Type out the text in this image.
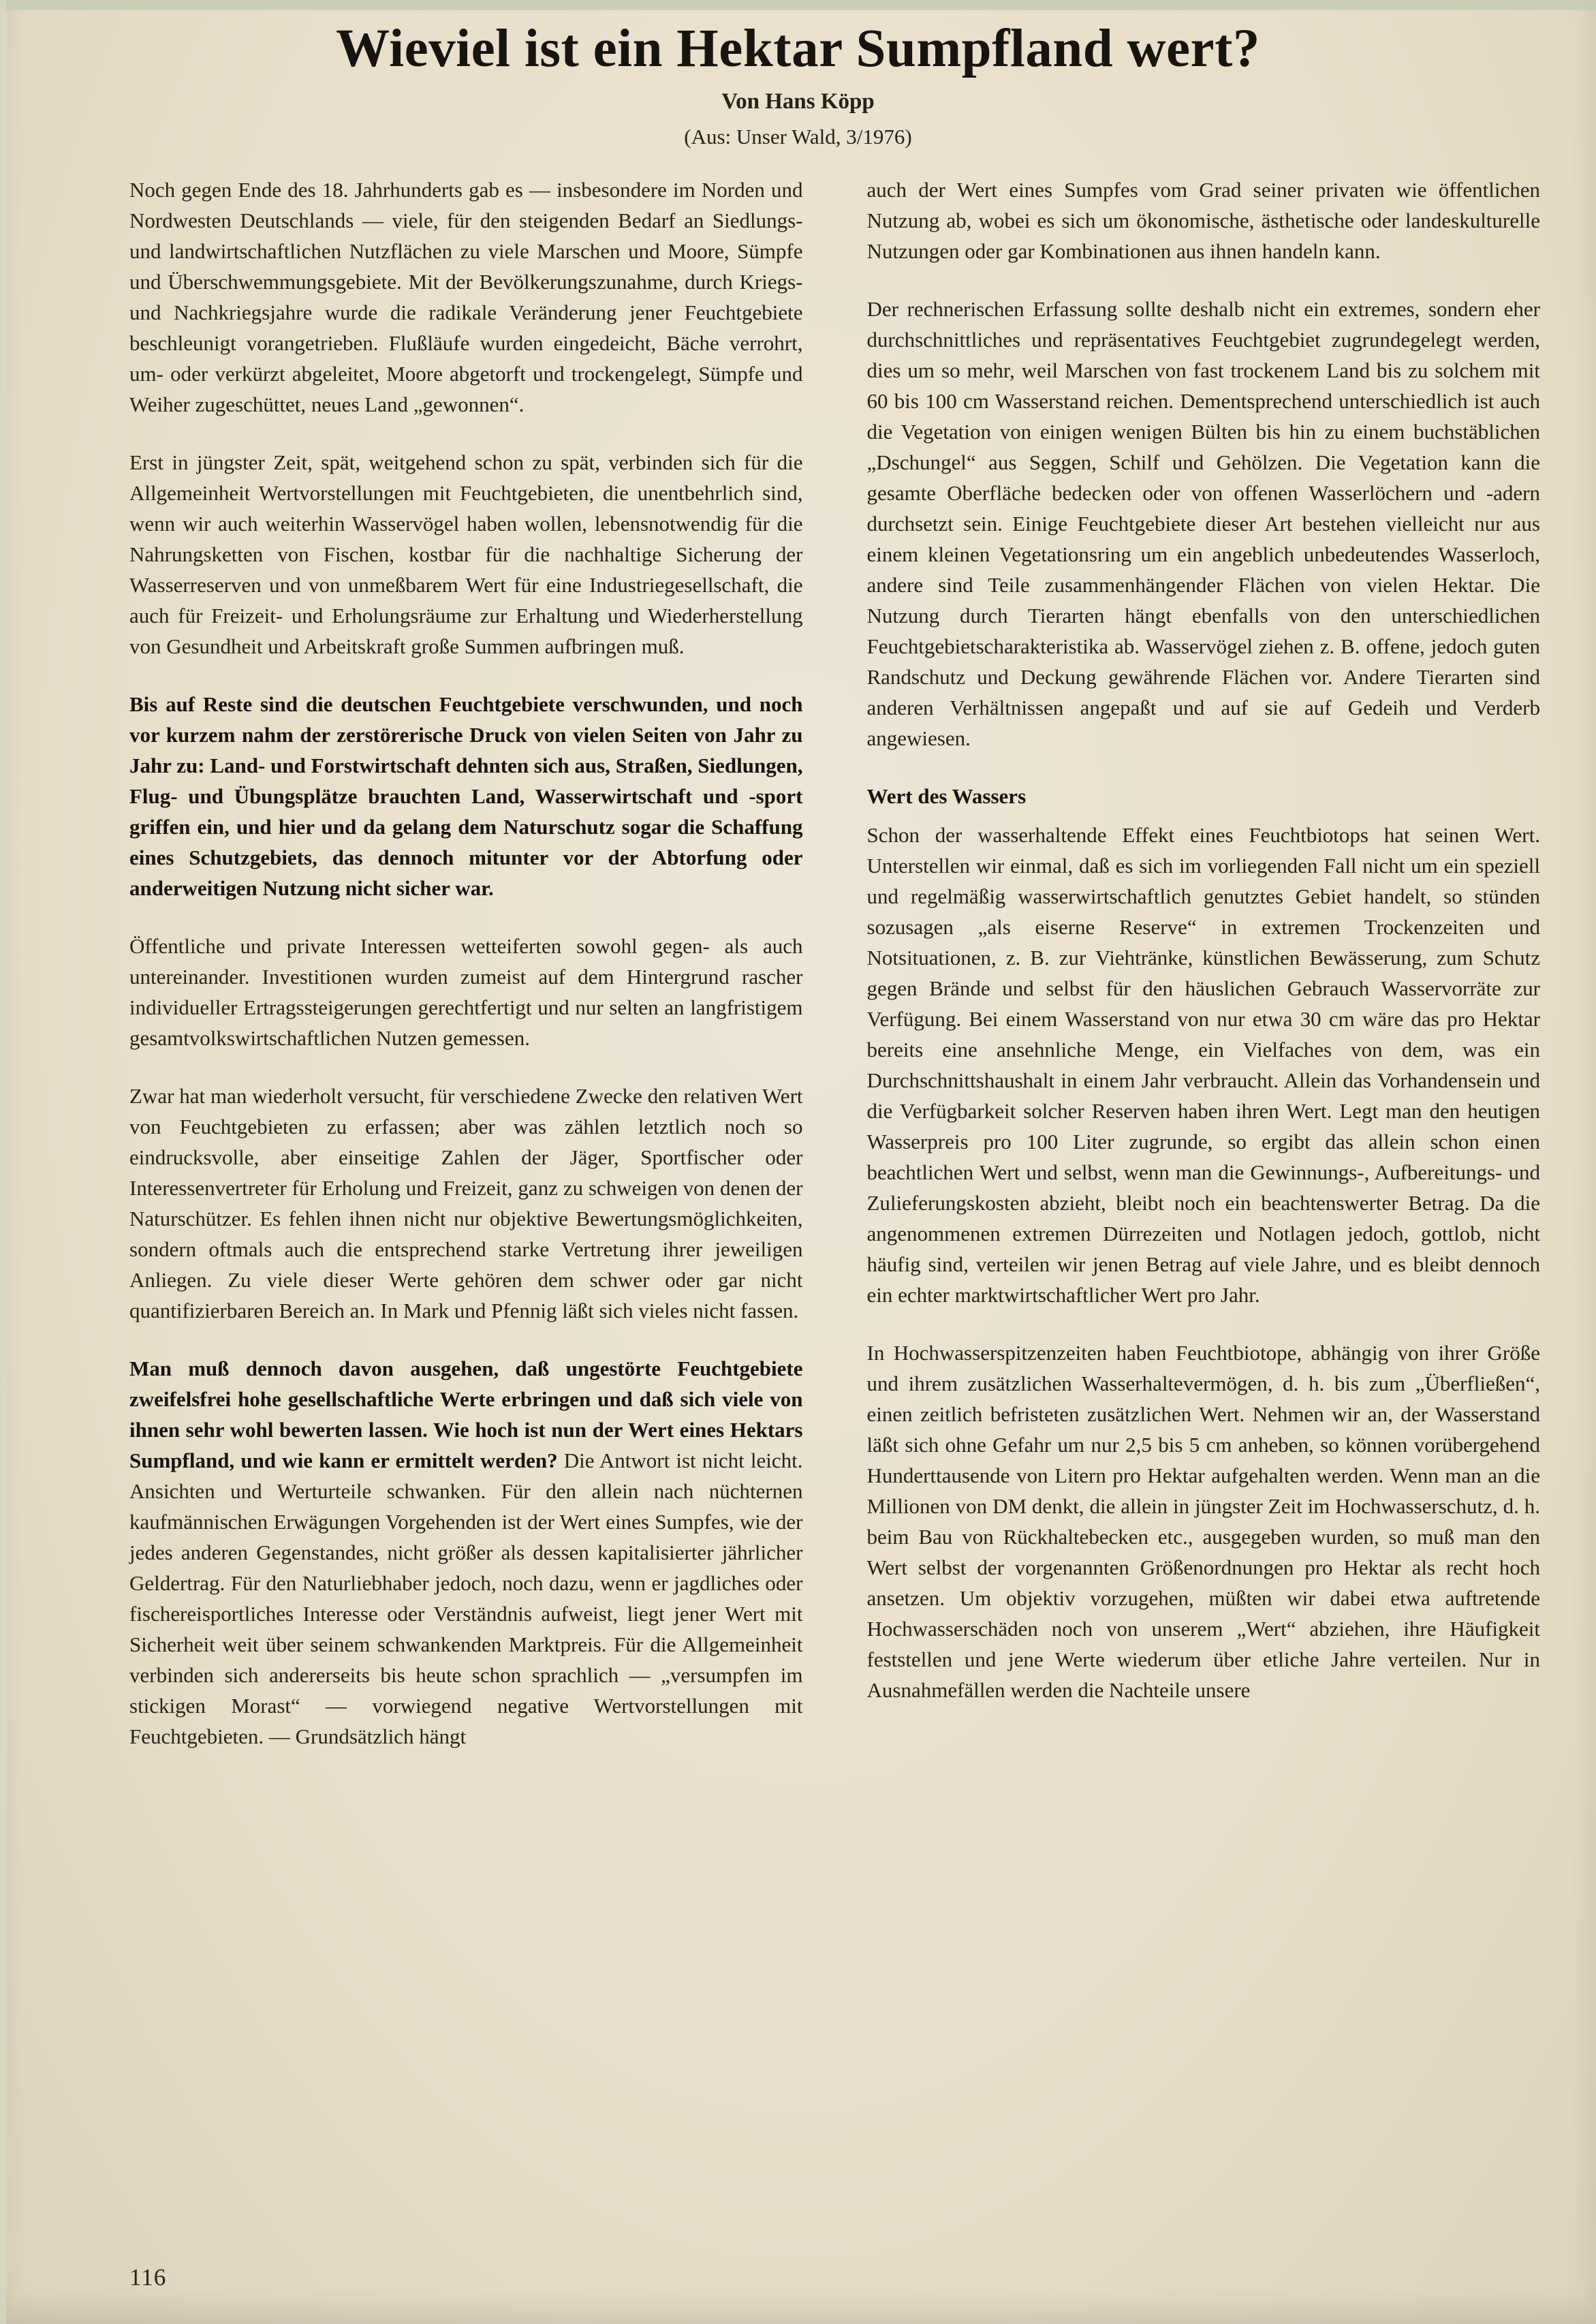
Wieviel ist ein Hektar Sumpfland wert?
Von Hans Köpp
(Aus: Unser Wald, 3/1976)

Noch gegen Ende des 18. Jahrhunderts gab es — insbesondere im Norden und Nordwesten Deutschlands — viele, für den steigenden Bedarf an Siedlungs- und landwirtschaftlichen Nutzflächen zu viele Marschen und Moore, Sümpfe und Überschwemmungsgebiete. Mit der Bevölkerungszunahme, durch Kriegs- und Nachkriegsjahre wurde die radikale Veränderung jener Feuchtgebiete beschleunigt vorangetrieben. Flußläufe wurden eingedeicht, Bäche verrohrt, um- oder verkürzt abgeleitet, Moore abgetorft und trockengelegt, Sümpfe und Weiher zugeschüttet, neues Land „gewonnen“.

Erst in jüngster Zeit, spät, weitgehend schon zu spät, verbinden sich für die Allgemeinheit Wertvorstellungen mit Feuchtgebieten, die unentbehrlich sind, wenn wir auch weiterhin Wasservögel haben wollen, lebensnotwendig für die Nahrungsketten von Fischen, kostbar für die nachhaltige Sicherung der Wasserreserven und von unmeßbarem Wert für eine Industriegesellschaft, die auch für Freizeit- und Erholungsräume zur Erhaltung und Wiederherstellung von Gesundheit und Arbeitskraft große Summen aufbringen muß.

Bis auf Reste sind die deutschen Feuchtgebiete verschwunden, und noch vor kurzem nahm der zerstörerische Druck von vielen Seiten von Jahr zu Jahr zu: Land- und Forstwirtschaft dehnten sich aus, Straßen, Siedlungen, Flug- und Übungsplätze brauchten Land, Wasserwirtschaft und -sport griffen ein, und hier und da gelang dem Naturschutz sogar die Schaffung eines Schutzgebiets, das dennoch mitunter vor der Abtorfung oder anderweitigen Nutzung nicht sicher war.

Öffentliche und private Interessen wetteiferten sowohl gegen- als auch untereinander. Investitionen wurden zumeist auf dem Hintergrund rascher individueller Ertragssteigerungen gerechtfertigt und nur selten an langfristigem gesamtvolkswirtschaftlichen Nutzen gemessen.

Zwar hat man wiederholt versucht, für verschiedene Zwecke den relativen Wert von Feuchtgebieten zu erfassen; aber was zählen letztlich noch so eindrucksvolle, aber einseitige Zahlen der Jäger, Sportfischer oder Interessenvertreter für Erholung und Freizeit, ganz zu schweigen von denen der Naturschützer. Es fehlen ihnen nicht nur objektive Bewertungsmöglichkeiten, sondern oftmals auch die entsprechend starke Vertretung ihrer jeweiligen Anliegen. Zu viele dieser Werte gehören dem schwer oder gar nicht quantifizierbaren Bereich an. In Mark und Pfennig läßt sich vieles nicht fassen.

Man muß dennoch davon ausgehen, daß ungestörte Feuchtgebiete zweifelsfrei hohe gesellschaftliche Werte erbringen und daß sich viele von ihnen sehr wohl bewerten lassen. Wie hoch ist nun der Wert eines Hektars Sumpfland, und wie kann er ermittelt werden? Die Antwort ist nicht leicht. Ansichten und Werturteile schwanken. Für den allein nach nüchternen kaufmännischen Erwägungen Vorgehenden ist der Wert eines Sumpfes, wie der jedes anderen Gegenstandes, nicht größer als dessen kapitalisierter jährlicher Geldertrag. Für den Naturliebhaber jedoch, noch dazu, wenn er jagdliches oder fischereisportliches Interesse oder Verständnis aufweist, liegt jener Wert mit Sicherheit weit über seinem schwankenden Marktpreis. Für die Allgemeinheit verbinden sich andererseits bis heute schon sprachlich — „versumpfen im stickigen Morast“ — vorwiegend negative Wertvorstellungen mit Feuchtgebieten. — Grundsätzlich hängt

auch der Wert eines Sumpfes vom Grad seiner privaten wie öffentlichen Nutzung ab, wobei es sich um ökonomische, ästhetische oder landeskulturelle Nutzungen oder gar Kombinationen aus ihnen handeln kann.

Der rechnerischen Erfassung sollte deshalb nicht ein extremes, sondern eher durchschnittliches und repräsentatives Feuchtgebiet zugrundegelegt werden, dies um so mehr, weil Marschen von fast trockenem Land bis zu solchem mit 60 bis 100 cm Wasserstand reichen. Dementsprechend unterschiedlich ist auch die Vegetation von einigen wenigen Bülten bis hin zu einem buchstäblichen „Dschungel“ aus Seggen, Schilf und Gehölzen. Die Vegetation kann die gesamte Oberfläche bedecken oder von offenen Wasserlöchern und -adern durchsetzt sein. Einige Feuchtgebiete dieser Art bestehen vielleicht nur aus einem kleinen Vegetationsring um ein angeblich unbedeutendes Wasserloch, andere sind Teile zusammenhängender Flächen von vielen Hektar. Die Nutzung durch Tierarten hängt ebenfalls von den unterschiedlichen Feuchtgebietscharakteristika ab. Wasservögel ziehen z. B. offene, jedoch guten Randschutz und Deckung gewährende Flächen vor. Andere Tierarten sind anderen Verhältnissen angepaßt und auf sie auf Gedeih und Verderb angewiesen.

Wert des Wassers

Schon der wasserhaltende Effekt eines Feuchtbiotops hat seinen Wert. Unterstellen wir einmal, daß es sich im vorliegenden Fall nicht um ein speziell und regelmäßig wasserwirtschaftlich genutztes Gebiet handelt, so stünden sozusagen „als eiserne Reserve“ in extremen Trockenzeiten und Notsituationen, z. B. zur Viehtränke, künstlichen Bewässerung, zum Schutz gegen Brände und selbst für den häuslichen Gebrauch Wasservorräte zur Verfügung. Bei einem Wasserstand von nur etwa 30 cm wäre das pro Hektar bereits eine ansehnliche Menge, ein Vielfaches von dem, was ein Durchschnittshaushalt in einem Jahr verbraucht. Allein das Vorhandensein und die Verfügbarkeit solcher Reserven haben ihren Wert. Legt man den heutigen Wasserpreis pro 100 Liter zugrunde, so ergibt das allein schon einen beachtlichen Wert und selbst, wenn man die Gewinnungs-, Aufbereitungs- und Zulieferungskosten abzieht, bleibt noch ein beachtenswerter Betrag. Da die angenommenen extremen Dürrezeiten und Notlagen jedoch, gottlob, nicht häufig sind, verteilen wir jenen Betrag auf viele Jahre, und es bleibt dennoch ein echter marktwirtschaftlicher Wert pro Jahr.

In Hochwasserspitzenzeiten haben Feuchtbiotope, abhängig von ihrer Größe und ihrem zusätzlichen Wasserhaltevermögen, d. h. bis zum „Überfließen“, einen zeitlich befristeten zusätzlichen Wert. Nehmen wir an, der Wasserstand läßt sich ohne Gefahr um nur 2,5 bis 5 cm anheben, so können vorübergehend Hunderttausende von Litern pro Hektar aufgehalten werden. Wenn man an die Millionen von DM denkt, die allein in jüngster Zeit im Hochwasserschutz, d. h. beim Bau von Rückhaltebecken etc., ausgegeben wurden, so muß man den Wert selbst der vorgenannten Größenordnungen pro Hektar als recht hoch ansetzen. Um objektiv vorzugehen, müßten wir dabei etwa auftretende Hochwasserschäden noch von unserem „Wert“ abziehen, ihre Häufigkeit feststellen und jene Werte wiederum über etliche Jahre verteilen. Nur in Ausnahmefällen werden die Nachteile unsere

116
